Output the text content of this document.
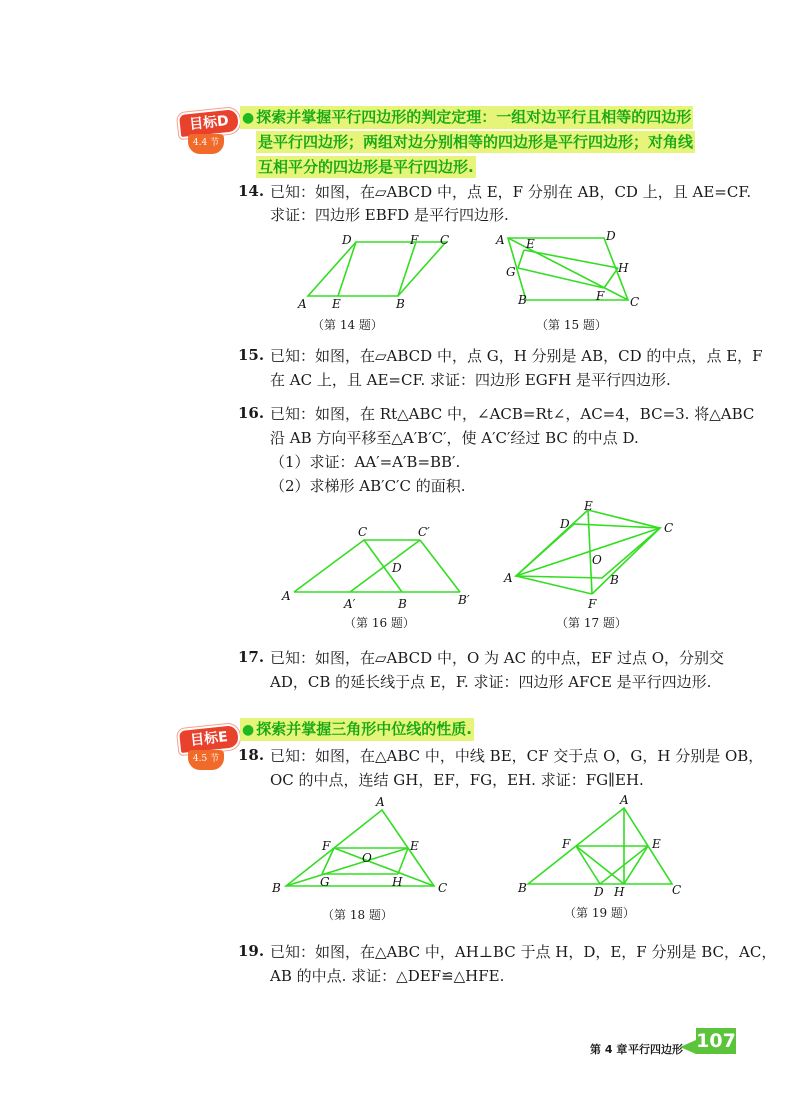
目标D
4.4 节
● 探索并掌握平行四边形的判定定理：一组对边平行且相等的四边形
是平行四边形；两组对边分别相等的四边形是平行四边形；对角线
互相平分的四边形是平行四边形.
14. 已知：如图，在▱ABCD 中，点 E，F 分别在 AB，CD 上，且 AE=CF.
求证：四边形 EBFD 是平行四边形.
A E	B
D	F C
（第 14 题）
A E
D
G	H
F
B	C
（第 15 题）
15. 已知：如图，在▱ABCD 中，点 G，H 分别是 AB，CD 的中点，点 E，F
在 AC 上，且 AE=CF. 求证：四边形 EGFH 是平行四边形.
16. 已知：如图，在 Rt△ABC 中，∠ACB=Rt∠，AC=4，BC=3. 将△ABC
沿 AB 方向平移至△A′B′C′，使 A′C′经过 BC 的中点 D.
（1）求证：AA′=A′B=BB′.
（2）求梯形 AB′C′C 的面积.
A
A′	B	B′
C	C′
D
（第 16 题）
A
D
E
C
O
B
F
（第 17 题）
17. 已知：如图，在▱ABCD 中，O 为 AC 的中点，EF 过点 O，分别交
AD，CB 的延长线于点 E，F. 求证：四边形 AFCE 是平行四边形.
目标E
4.5 节
● 探索并掌握三角形中位线的性质.
18. 已知：如图，在△ABC 中，中线 BE，CF 交于点 O，G，H 分别是 OB，
OC 的中点，连结 GH，EF，FG，EH. 求证：FG∥EH.
A
F	E
O
G	H
B	C
（第 18 题）
A
F	E
B	D H	C
（第 19 题）
19. 已知：如图，在△ABC 中，AH⊥BC 于点 H，D，E，F 分别是 BC，AC，
AB 的中点. 求证：△DEF≌△HFE.
第 4 章 平行四边形 107
